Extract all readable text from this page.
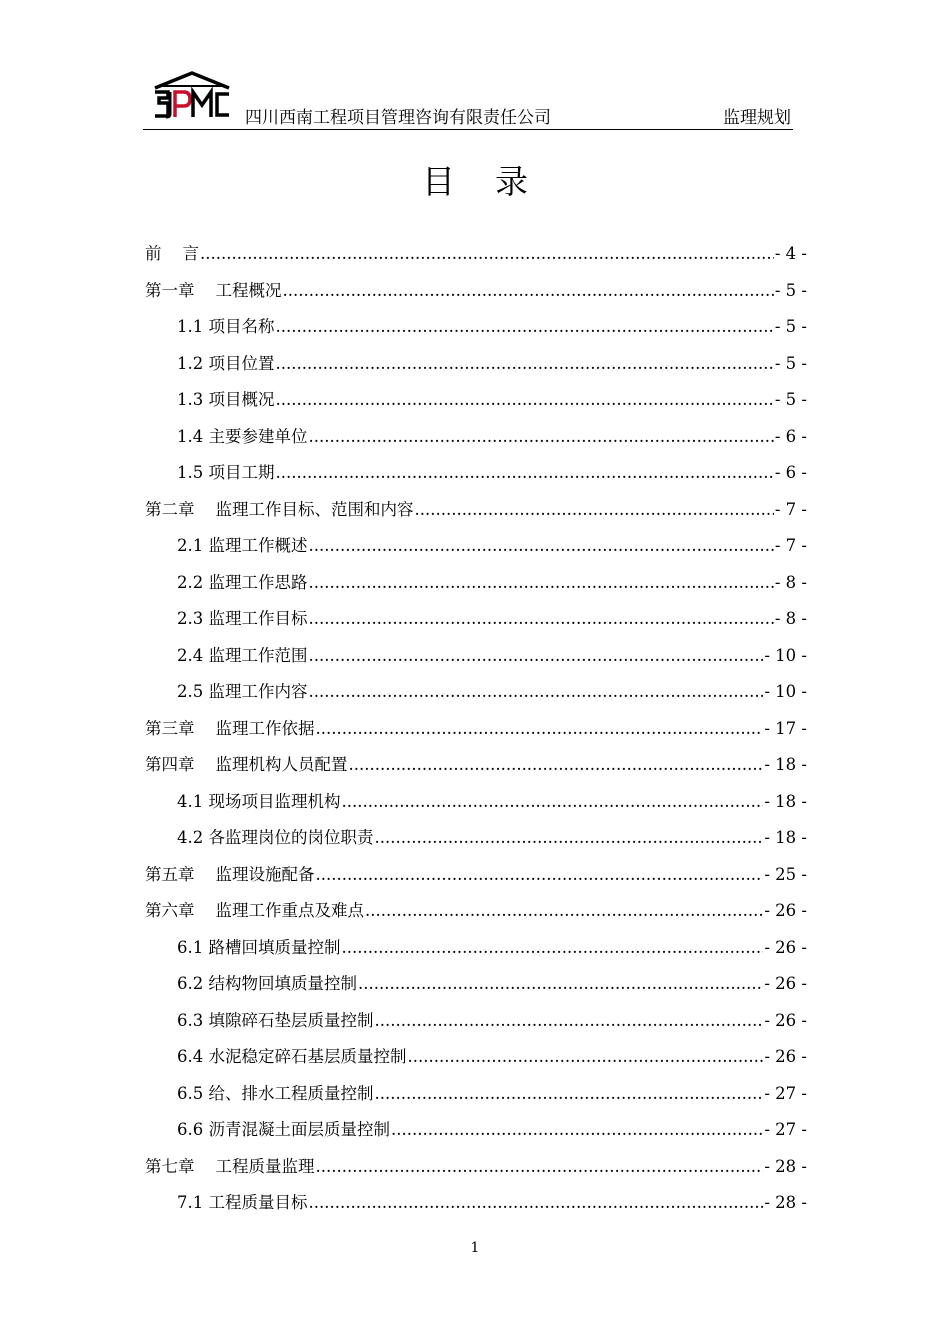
四川西南工程项目管理咨询有限责任公司	监理规划
目录
前    言 .....	- 4 -
第一章    工程概况 .....	- 5 -
1.1 项目名称 .....	- 5 -
1.2 项目位置 .....	- 5 -
1.3 项目概况 .....	- 5 -
1.4 主要参建单位 .....	- 6 -
1.5 项目工期 .....	- 6 -
第二章    监理工作目标、范围和内容 .....	- 7 -
2.1 监理工作概述 .....	- 7 -
2.2 监理工作思路 .....	- 8 -
2.3 监理工作目标 .....	- 8 -
2.4 监理工作范围 .....	- 10 -
2.5 监理工作内容 .....	- 10 -
第三章    监理工作依据 .....	- 17 -
第四章    监理机构人员配置 .....	- 18 -
4.1 现场项目监理机构 .....	- 18 -
4.2 各监理岗位的岗位职责 .....	- 18 -
第五章    监理设施配备 .....	- 25 -
第六章    监理工作重点及难点 .....	- 26 -
6.1 路槽回填质量控制 .....	- 26 -
6.2 结构物回填质量控制 .....	- 26 -
6.3 填隙碎石垫层质量控制 .....	- 26 -
6.4 水泥稳定碎石基层质量控制 .....	- 26 -
6.5 给、排水工程质量控制 .....	- 27 -
6.6 沥青混凝土面层质量控制 .....	- 27 -
第七章    工程质量监理 .....	- 28 -
7.1 工程质量目标 .....	- 28 -
1
